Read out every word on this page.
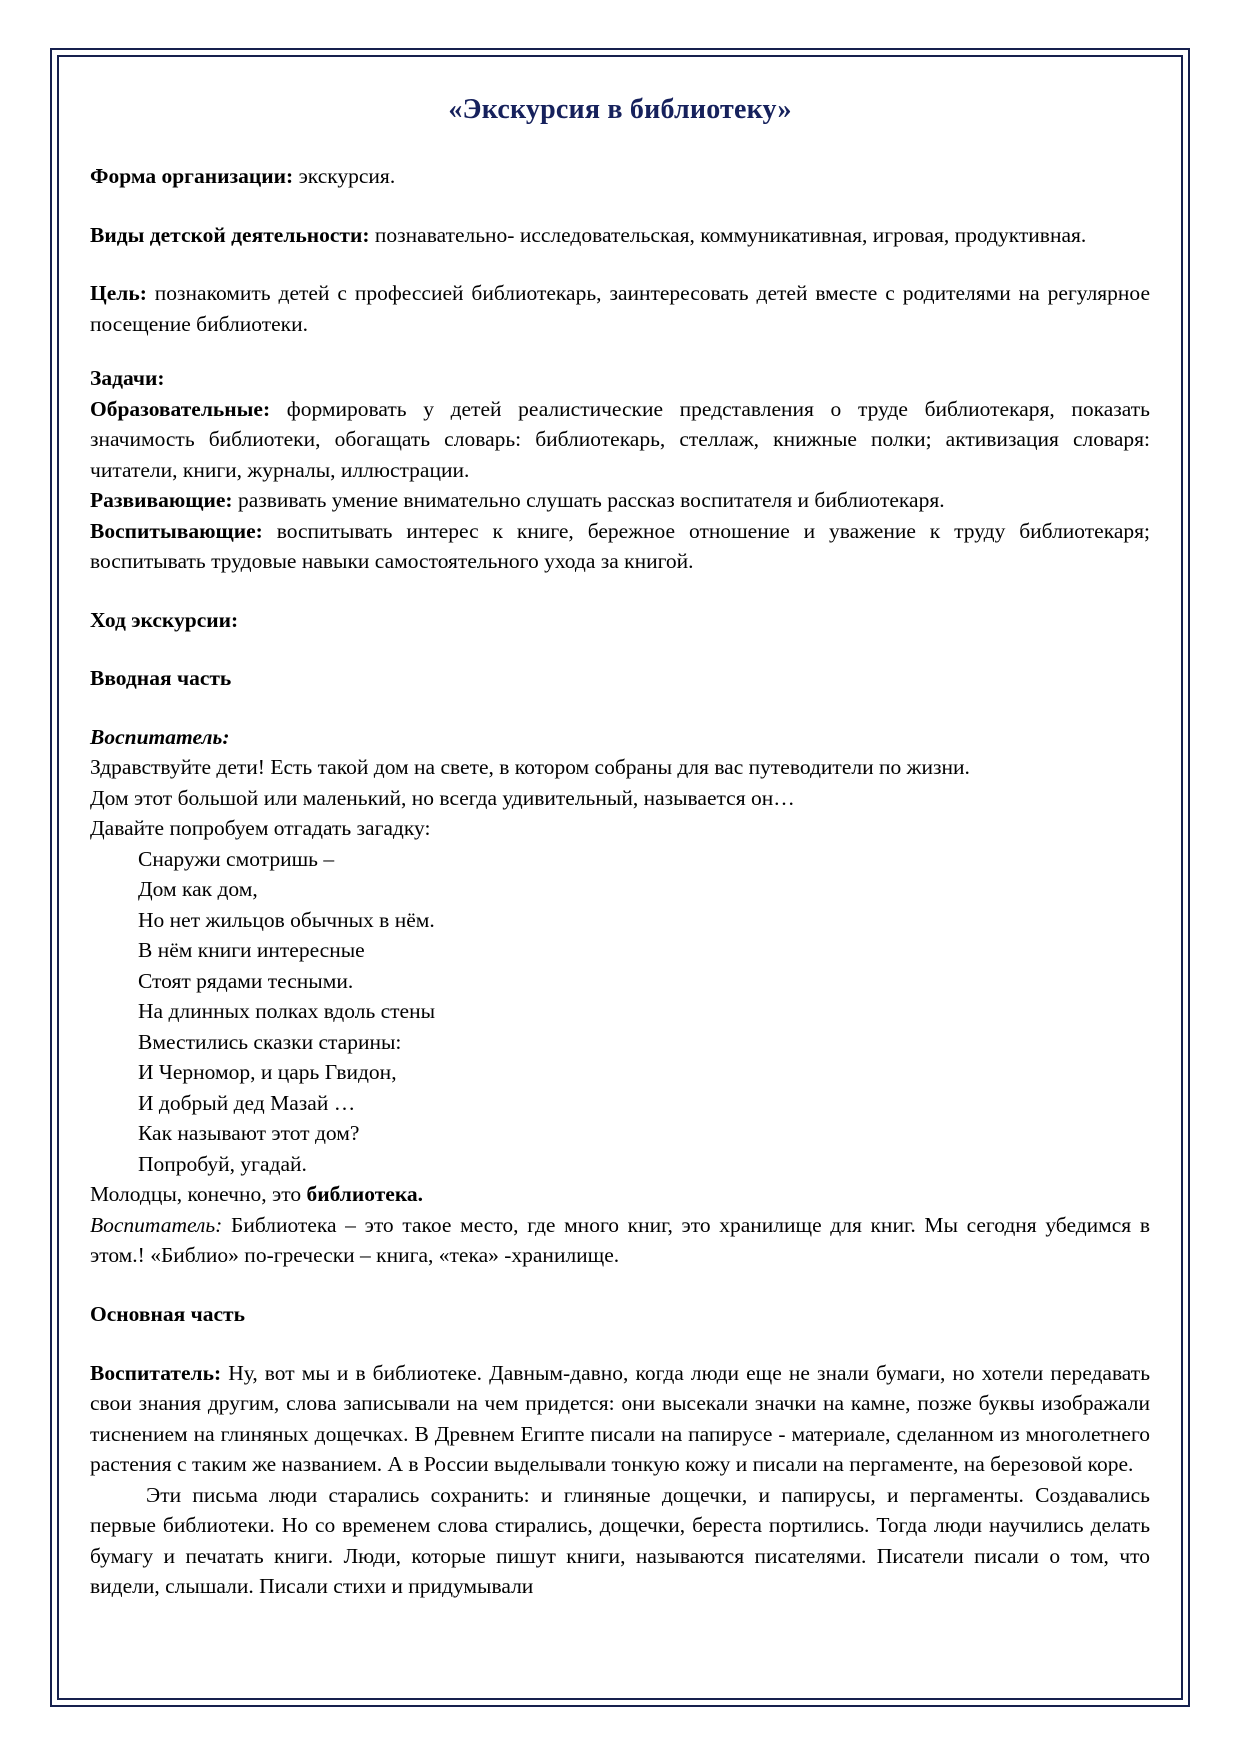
«Экскурсия в библиотеку»

Форма организации: экскурсия.

Виды детской деятельности: познавательно- исследовательская, коммуникативная, игровая, продуктивная.

Цель: познакомить детей с профессией библиотекарь, заинтересовать детей вместе с родителями на регулярное посещение библиотеки.

Задачи:

Образовательные: формировать у детей реалистические представления о труде библиотекаря, показать значимость библиотеки, обогащать словарь: библиотекарь, стеллаж, книжные полки; активизация словаря: читатели, книги, журналы, иллюстрации.

Развивающие: развивать умение внимательно слушать рассказ воспитателя и библиотекаря.

Воспитывающие: воспитывать интерес к книге, бережное отношение и уважение к труду библиотекаря; воспитывать трудовые навыки самостоятельного ухода за книгой.

Ход экскурсии:

Вводная часть

Воспитатель:

Здравствуйте дети! Есть такой дом на свете, в котором собраны для вас путеводители по жизни.

Дом этот большой или маленький, но всегда удивительный, называется он…

Давайте попробуем отгадать загадку:

Снаружи смотришь –

Дом как дом,

Но нет жильцов обычных в нём.

В нём книги интересные

Стоят рядами тесными.

На длинных полках вдоль стены

Вместились сказки старины:

И Черномор, и царь Гвидон,

И добрый дед Мазай …

Как называют этот дом?

Попробуй, угадай.

Молодцы, конечно, это библиотека.

Воспитатель: Библиотека – это такое место, где много книг, это хранилище для книг. Мы сегодня убедимся в этом.! «Библио» по-гречески – книга, «тека» -хранилище.

Основная часть

Воспитатель: Ну, вот мы и в библиотеке. Давным-давно, когда люди еще не знали бумаги, но хотели передавать свои знания другим, слова записывали на чем придется: они высекали значки на камне, позже буквы изображали тиснением на глиняных дощечках. В Древнем Египте писали на папирусе - материале, сделанном из многолетнего растения с таким же названием. А в России выделывали тонкую кожу и писали на пергаменте, на березовой коре.

Эти письма люди старались сохранить: и глиняные дощечки, и папирусы, и пергаменты. Создавались первые библиотеки. Но со временем слова стирались, дощечки, береста портились. Тогда люди научились делать бумагу и печатать книги. Люди, которые пишут книги, называются писателями. Писатели писали о том, что видели, слышали. Писали стихи и придумывали
